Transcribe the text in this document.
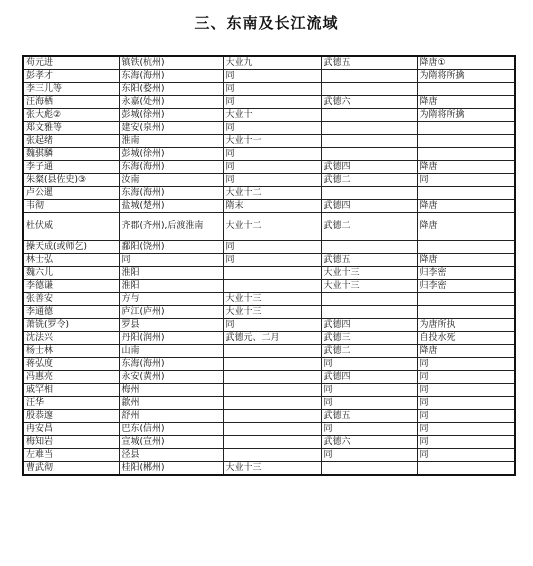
三、东南及长江流域
苟元进	镇铁(杭州)	大业九	武德五	降唐①
彭孝才	东海(海州)	同		为隋将所擒
李三儿等	东阳(婺州)	同		
汪海栖	永嘉(处州)	同	武德六	降唐
张大彪②	彭城(徐州)	大业十		为隋将所擒
郑文雅等	建安(泉州)	同		
张起绪	淮南	大业十一		
魏骐驎	彭城(徐州)	同		
李子通	东海(海州)	同	武德四	降唐
朱粲(县佐史)③	汝南	同	武德二	同
卢公暹	东海(海州)	大业十二		
韦彻	盐城(楚州)	隋末	武德四	降唐
杜伏威	齐郡(齐州),后渡淮南	大业十二	武德二	降唐
操天成(或师乞)	鄱阳(饶州)	同		
林士弘	同	同	武德五	降唐
魏六儿	淮阳		大业十三	归李密
李德谦	淮阳		大业十三	归李密
张善安	方与	大业十三		
李通德	庐江(庐州)	大业十三		
萧铣(罗令)	罗县	同	武德四	为唐所执
沈法兴	丹阳(润州)	武德元、二月	武德三	自投水死
杨士林	山南		武德二	降唐
蒋弘度	东海(海州)		同	同
冯惠亮	永安(黄州)		武德四	同
戚罕相	梅州		同	同
汪华	歙州		同	同
殷恭邃	舒州		武德五	同
冉安昌	巴东(信州)		同	同
梅知岩	宣城(宣州)		武德六	同
左难当	泾县		同	同
曹武彻	桂阳(郴州)	大业十三		
